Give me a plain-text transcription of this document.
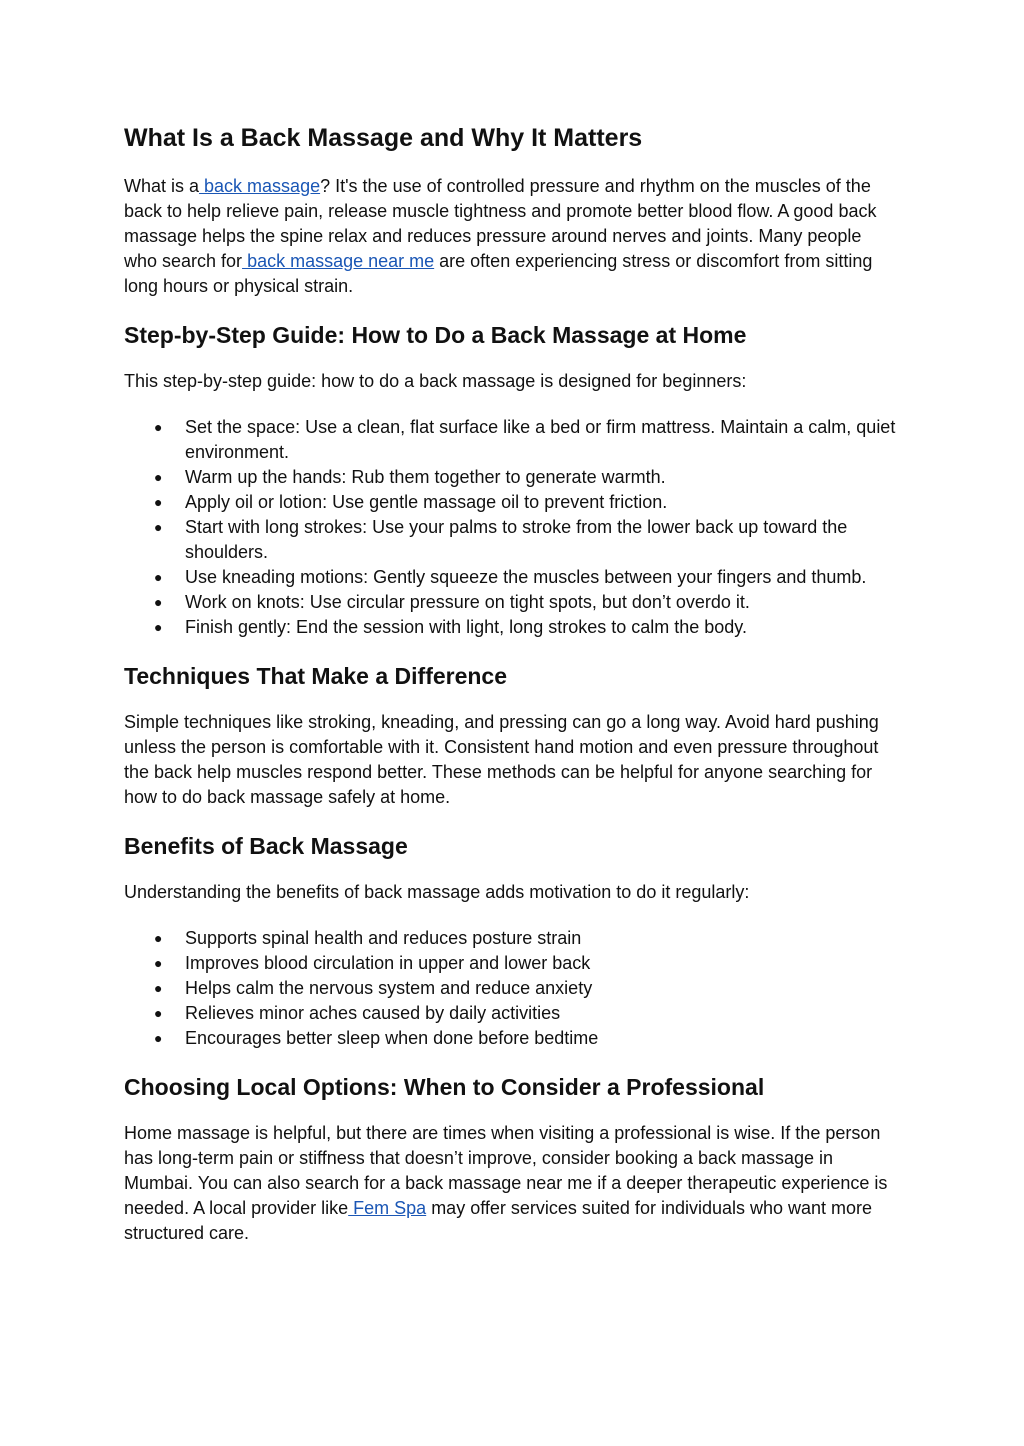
What Is a Back Massage and Why It Matters

What is a back massage? It's the use of controlled pressure and rhythm on the muscles of the back to help relieve pain, release muscle tightness and promote better blood flow. A good back massage helps the spine relax and reduces pressure around nerves and joints. Many people who search for back massage near me are often experiencing stress or discomfort from sitting long hours or physical strain.

Step-by-Step Guide: How to Do a Back Massage at Home

This step-by-step guide: how to do a back massage is designed for beginners:

● Set the space: Use a clean, flat surface like a bed or firm mattress. Maintain a calm, quiet environment.
● Warm up the hands: Rub them together to generate warmth.
● Apply oil or lotion: Use gentle massage oil to prevent friction.
● Start with long strokes: Use your palms to stroke from the lower back up toward the shoulders.
● Use kneading motions: Gently squeeze the muscles between your fingers and thumb.
● Work on knots: Use circular pressure on tight spots, but don’t overdo it.
● Finish gently: End the session with light, long strokes to calm the body.
Techniques That Make a Difference

Simple techniques like stroking, kneading, and pressing can go a long way. Avoid hard pushing unless the person is comfortable with it. Consistent hand motion and even pressure throughout the back help muscles respond better. These methods can be helpful for anyone searching for how to do back massage safely at home.

Benefits of Back Massage

Understanding the benefits of back massage adds motivation to do it regularly:

● Supports spinal health and reduces posture strain
● Improves blood circulation in upper and lower back
● Helps calm the nervous system and reduce anxiety
● Relieves minor aches caused by daily activities
● Encourages better sleep when done before bedtime
Choosing Local Options: When to Consider a Professional

Home massage is helpful, but there are times when visiting a professional is wise. If the person has long-term pain or stiffness that doesn’t improve, consider booking a back massage in Mumbai. You can also search for a back massage near me if a deeper therapeutic experience is needed. A local provider like Fem Spa may offer services suited for individuals who want more structured care.
